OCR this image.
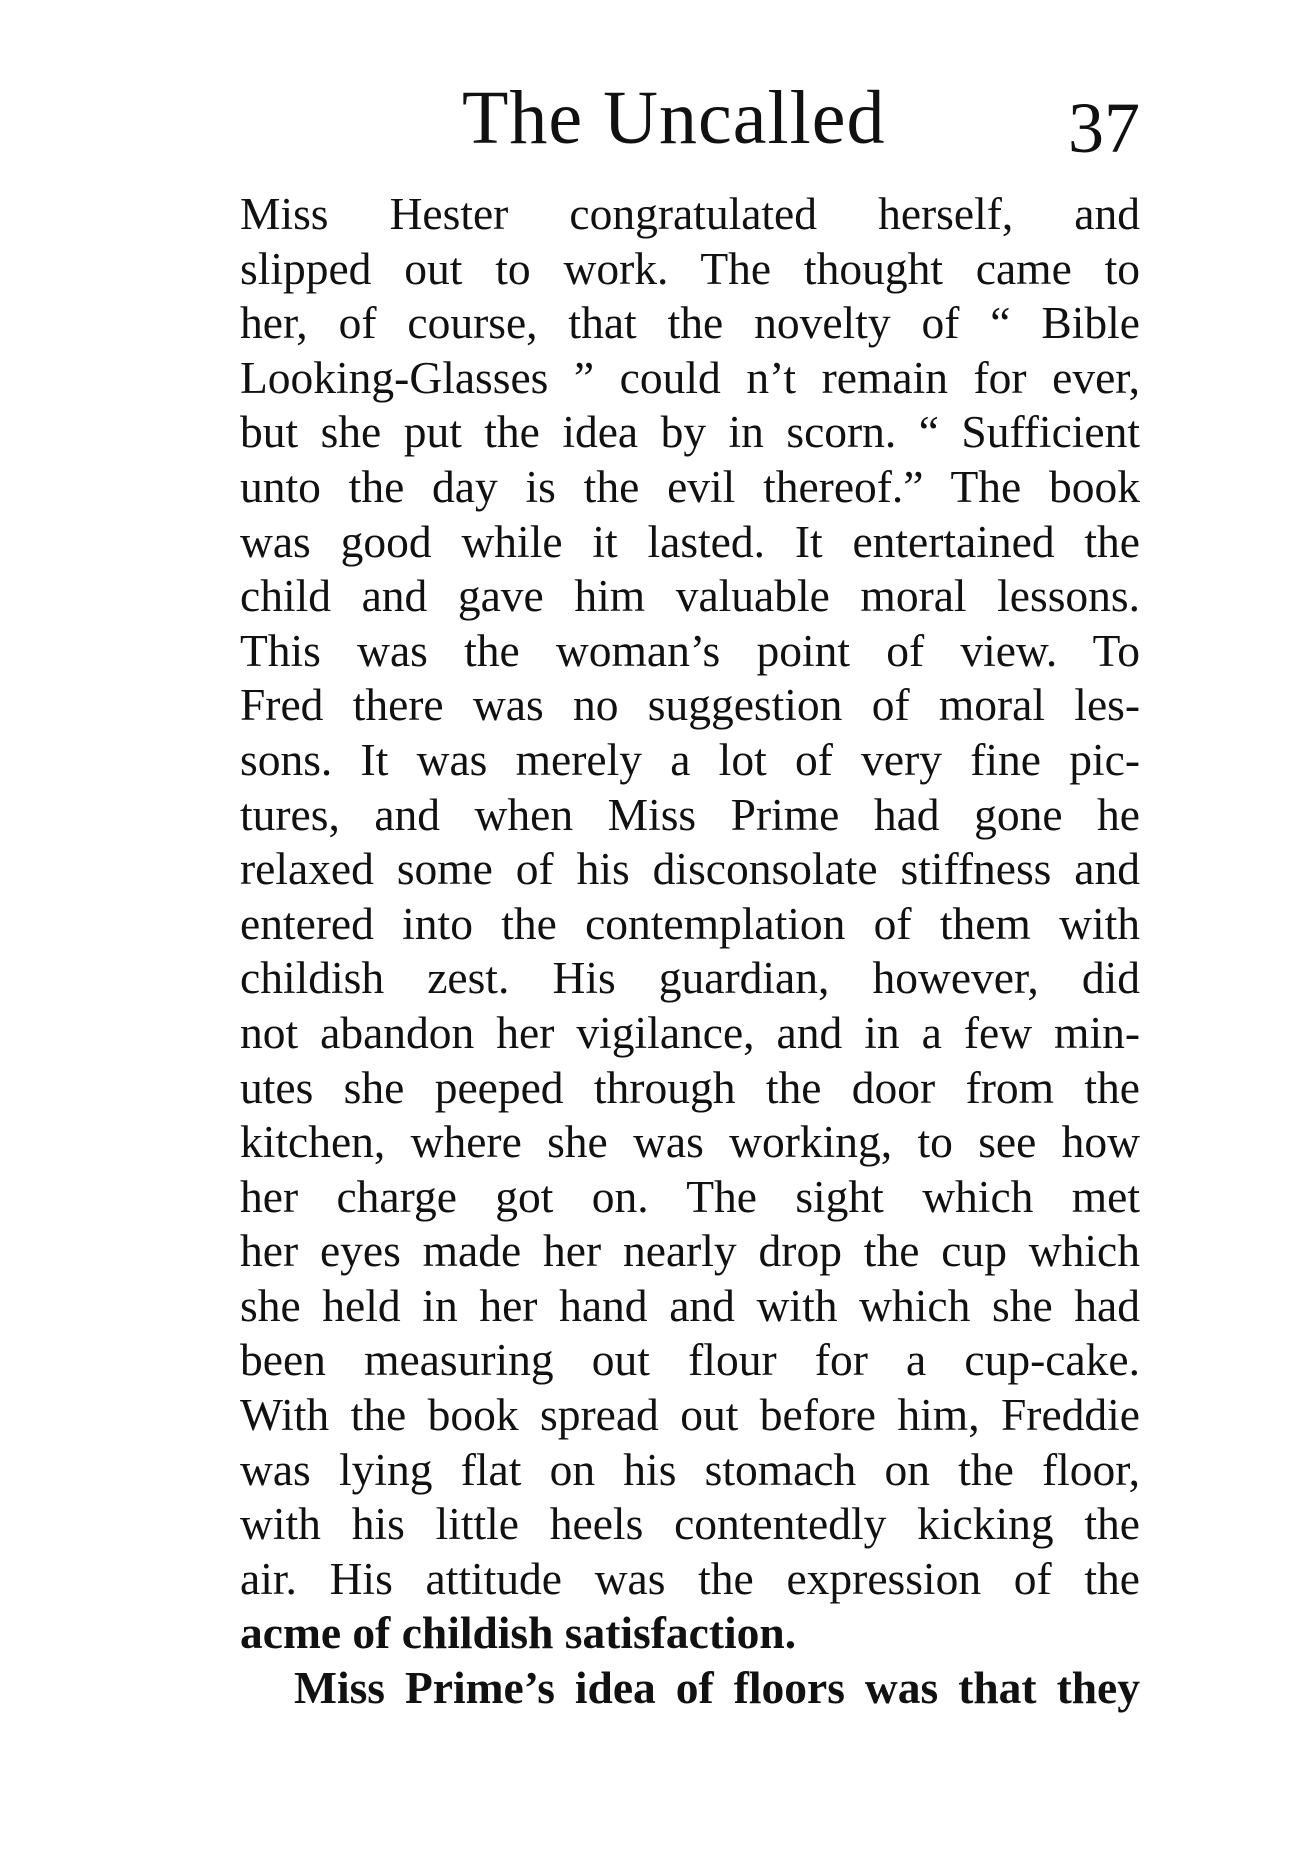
The Uncalled	37
Miss Hester congratulated herself, and
slipped out to work. The thought came to
her, of course, that the novelty of “ Bible
Looking-Glasses ” could n’t remain for ever,
but she put the idea by in scorn. “ Sufficient
unto the day is the evil thereof.” The book
was good while it lasted. It entertained the
child and gave him valuable moral lessons.
This was the woman’s point of view. To
Fred there was no suggestion of moral les-
sons. It was merely a lot of very fine pic-
tures, and when Miss Prime had gone he
relaxed some of his disconsolate stiffness and
entered into the contemplation of them with
childish zest. His guardian, however, did
not abandon her vigilance, and in a few min-
utes she peeped through the door from the
kitchen, where she was working, to see how
her charge got on. The sight which met
her eyes made her nearly drop the cup which
she held in her hand and with which she had
been measuring out flour for a cup-cake.
With the book spread out before him, Freddie
was lying flat on his stomach on the floor,
with his little heels contentedly kicking the
air. His attitude was the expression of the
acme of childish satisfaction.
Miss Prime’s idea of floors was that they
